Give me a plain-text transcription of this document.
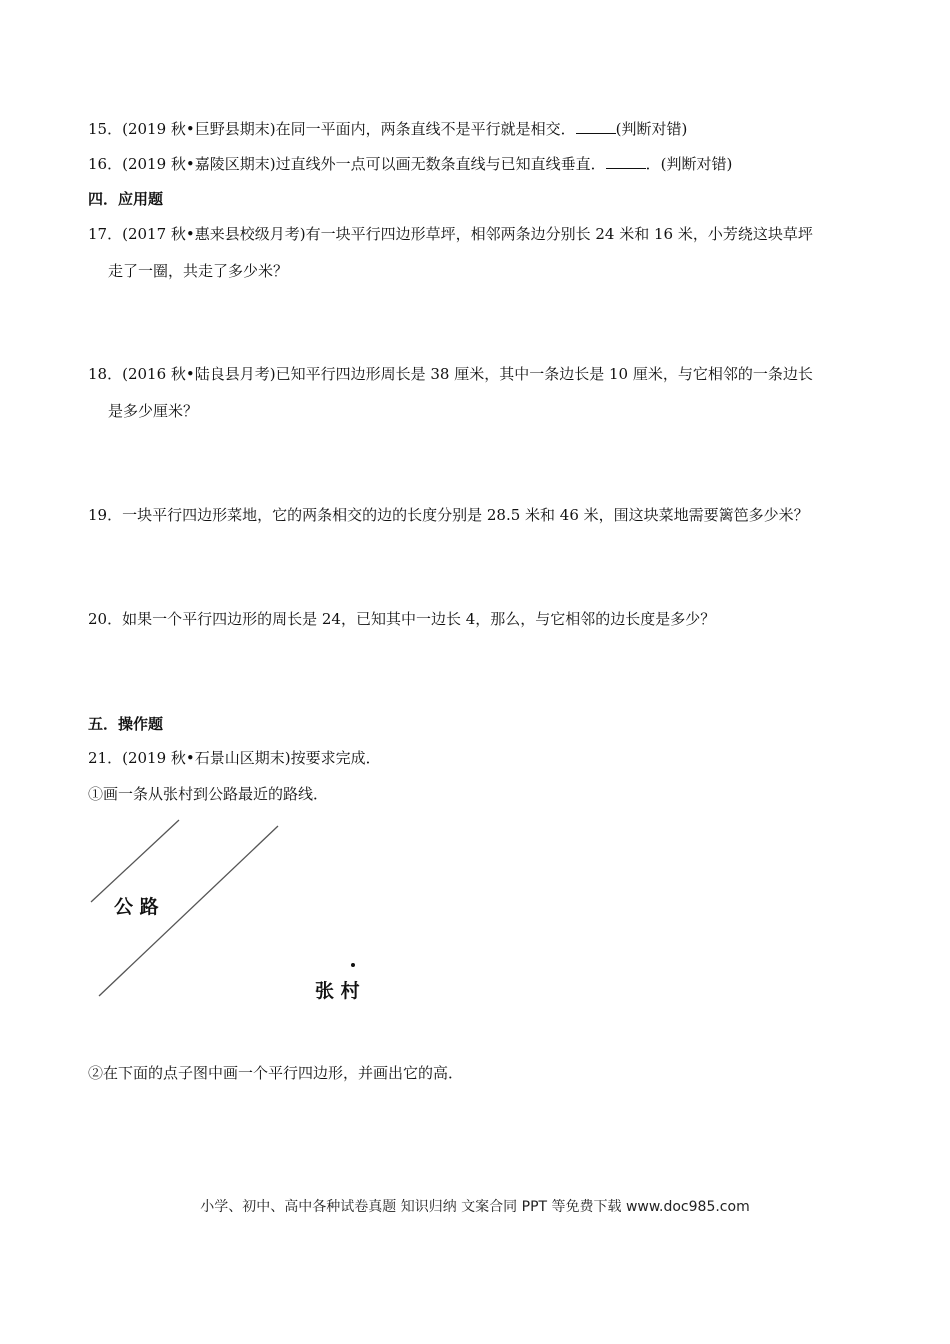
15．(2019 秋•巨野县期末)在同一平面内，两条直线不是平行就是相交．	(判断对错)
16．(2019 秋•嘉陵区期末)过直线外一点可以画无数条直线与已知直线垂直．	．(判断对错)
四．应用题
17．(2017 秋•惠来县校级月考)有一块平行四边形草坪，相邻两条边分别长 24 米和 16 米，小芳绕这块草坪
走了一圈，共走了多少米？
18．(2016 秋•陆良县月考)已知平行四边形周长是 38 厘米，其中一条边长是 10 厘米，与它相邻的一条边长
是多少厘米？
19．一块平行四边形菜地，它的两条相交的边的长度分别是 28.5 米和 46 米，围这块菜地需要篱笆多少米？
20．如果一个平行四边形的周长是 24，已知其中一边长 4，那么，与它相邻的边长度是多少？
五．操作题
21．(2019 秋•石景山区期末)按要求完成．
①画一条从张村到公路最近的路线．
公 路
张 村
②在下面的点子图中画一个平行四边形，并画出它的高．
小学、初中、高中各种试卷真题 知识归纳 文案合同 PPT 等免费下载 www.doc985.com
